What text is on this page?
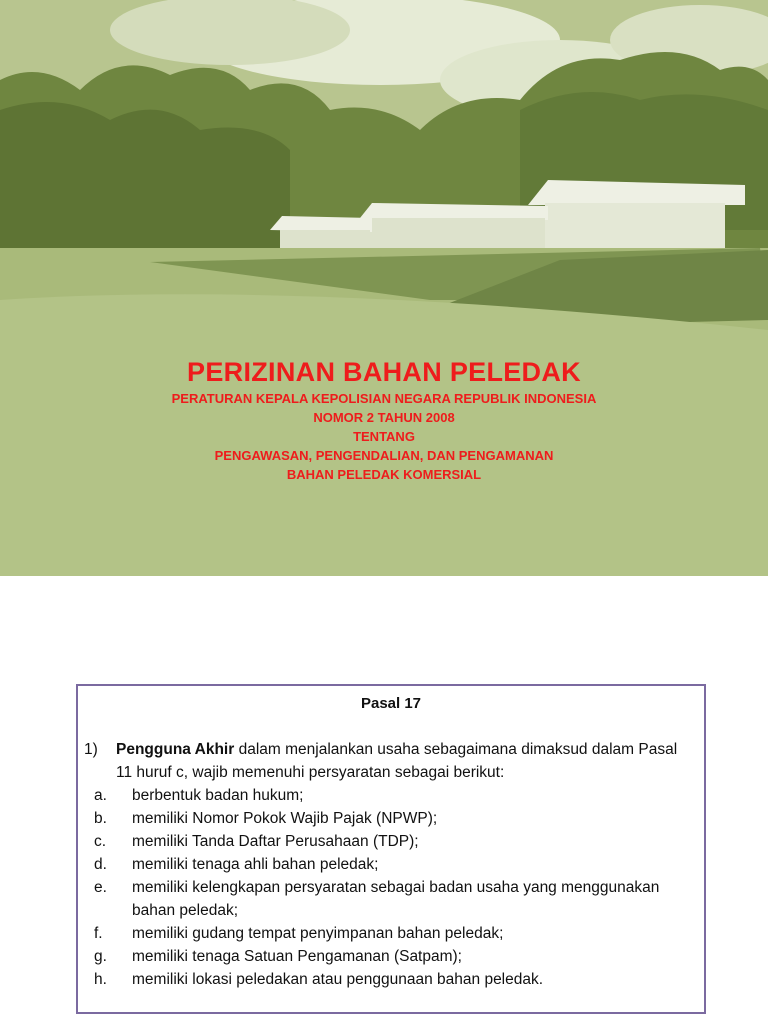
PERIZINAN BAHAN PELEDAK
PERATURAN KEPALA KEPOLISIAN NEGARA REPUBLIK INDONESIA
NOMOR 2 TAHUN 2008
TENTANG
PENGAWASAN, PENGENDALIAN, DAN PENGAMANAN
BAHAN PELEDAK KOMERSIAL
Pasal 17
1) Pengguna Akhir dalam menjalankan usaha sebagaimana dimaksud dalam Pasal 11 huruf c, wajib memenuhi persyaratan sebagai berikut:
a. berbentuk badan hukum;
b. memiliki Nomor Pokok Wajib Pajak (NPWP);
c. memiliki Tanda Daftar Perusahaan (TDP);
d. memiliki tenaga ahli bahan peledak;
e. memiliki kelengkapan persyaratan sebagai badan usaha yang menggunakan bahan peledak;
f. memiliki gudang tempat penyimpanan bahan peledak;
g. memiliki tenaga Satuan Pengamanan (Satpam);
h. memiliki lokasi peledakan atau penggunaan bahan peledak.
